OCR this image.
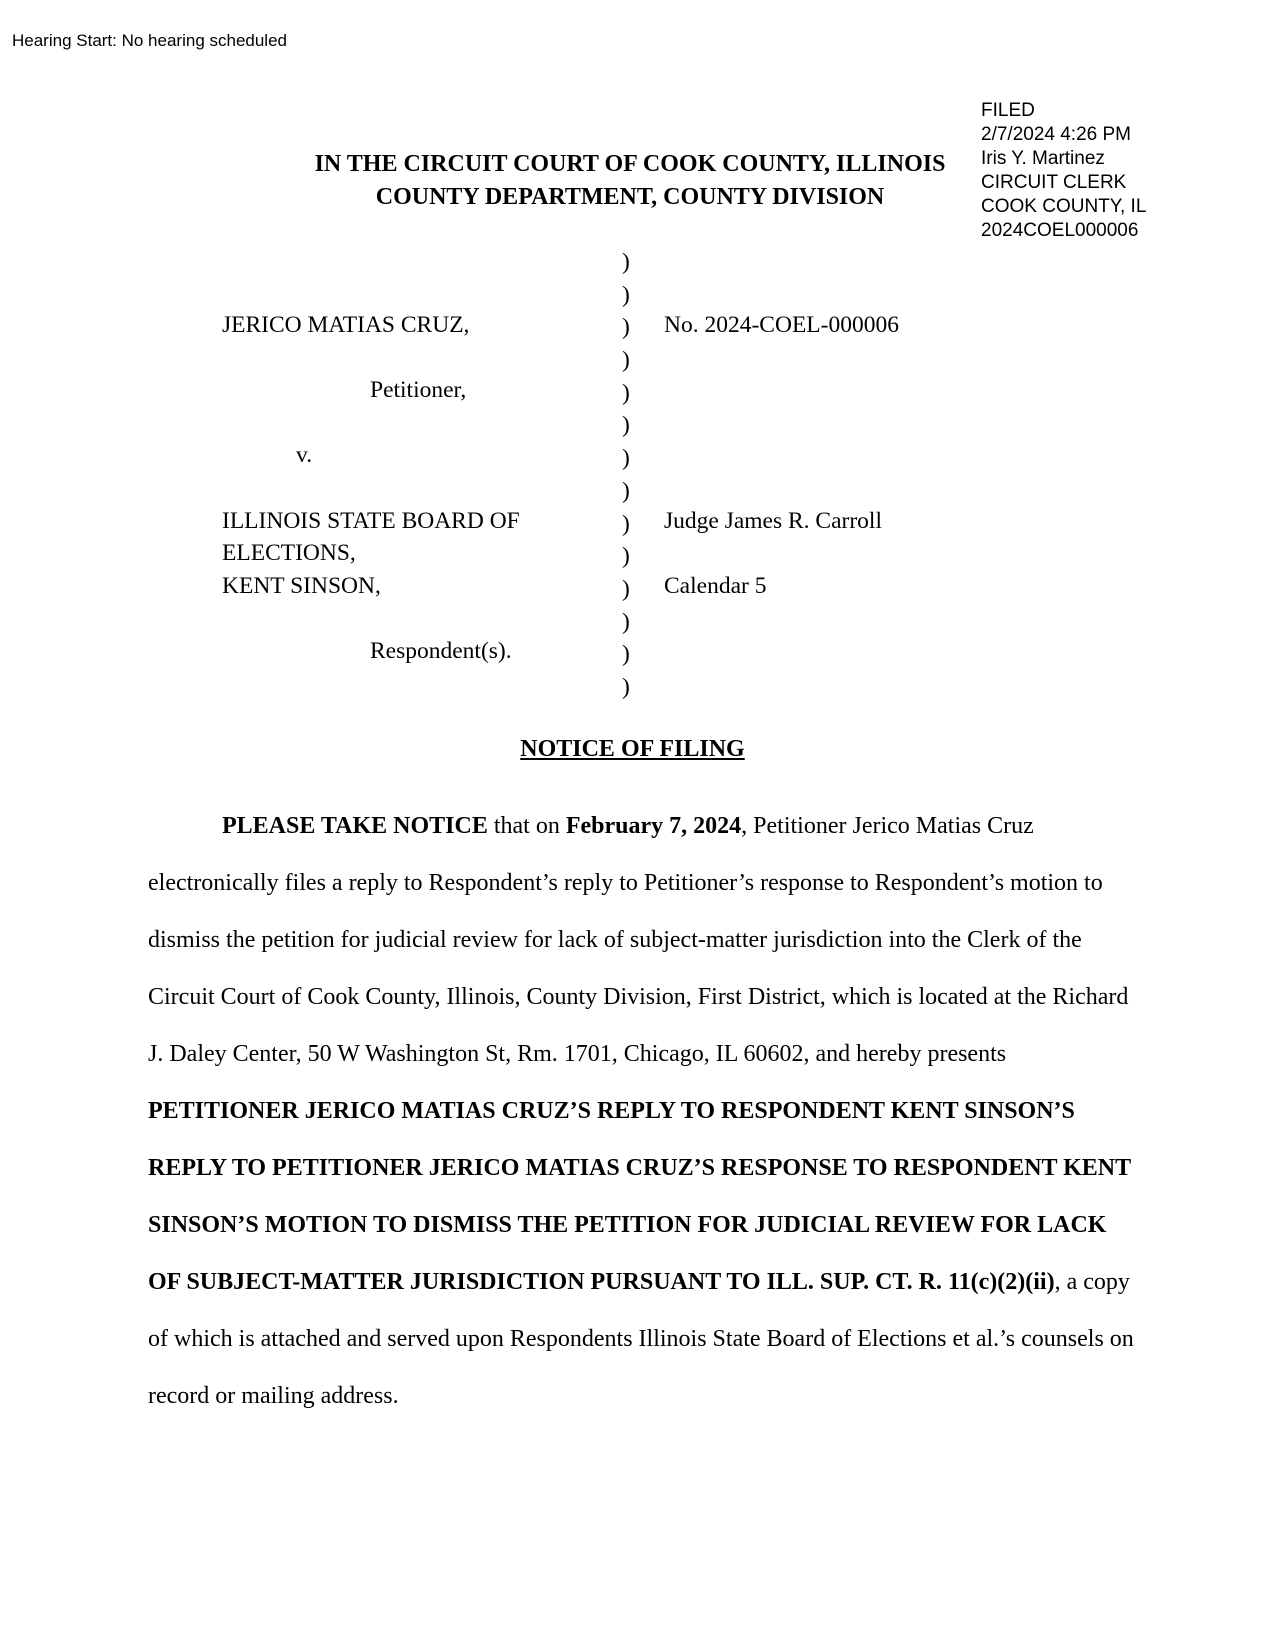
Hearing Start: No hearing scheduled
FILED
2/7/2024 4:26 PM
Iris Y. Martinez
CIRCUIT CLERK
COOK COUNTY, IL
2024COEL000006
IN THE CIRCUIT COURT OF COOK COUNTY, ILLINOIS
COUNTY DEPARTMENT, COUNTY DIVISION
)
)
)
)
)
)
)
)
)
)
)
)
)
)
JERICO MATIAS CRUZ,
Petitioner,
v.
ILLINOIS STATE BOARD OF
ELECTIONS,
KENT SINSON,
Respondent(s).
No. 2024-COEL-000006
Judge James R. Carroll
Calendar 5
NOTICE OF FILING
PLEASE TAKE NOTICE that on February 7, 2024, Petitioner Jerico Matias Cruz electronically files a reply to Respondent’s reply to Petitioner’s response to Respondent’s motion to dismiss the petition for judicial review for lack of subject-matter jurisdiction into the Clerk of the Circuit Court of Cook County, Illinois, County Division, First District, which is located at the Richard J. Daley Center, 50 W Washington St, Rm. 1701, Chicago, IL 60602, and hereby presents PETITIONER JERICO MATIAS CRUZ’S REPLY TO RESPONDENT KENT SINSON’S REPLY TO PETITIONER JERICO MATIAS CRUZ’S RESPONSE TO RESPONDENT KENT SINSON’S MOTION TO DISMISS THE PETITION FOR JUDICIAL REVIEW FOR LACK OF SUBJECT-MATTER JURISDICTION PURSUANT TO ILL. SUP. CT. R. 11(c)(2)(ii), a copy of which is attached and served upon Respondents Illinois State Board of Elections et al.’s counsels on record or mailing address.
